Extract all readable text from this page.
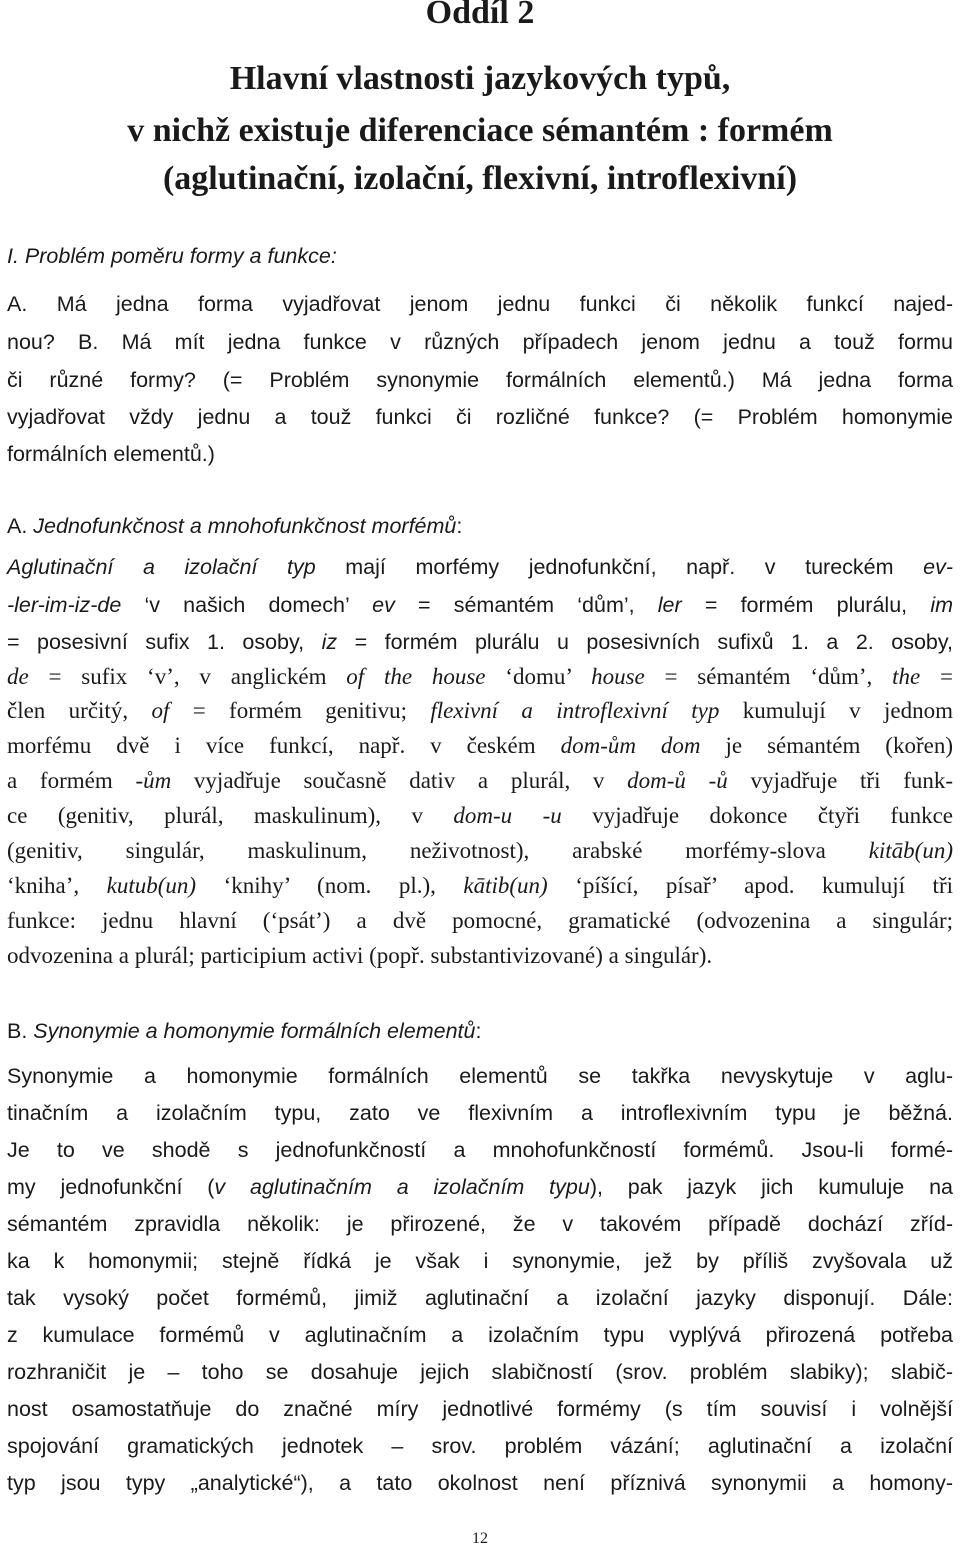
Oddíl 2
Hlavní vlastnosti jazykových typů,
v nichž existuje diferenciace sémantém : formém
(aglutinační, izolační, flexivní, introflexivní)
I. Problém poměru formy a funkce:
A. Má jedna forma vyjadřovat jenom jednu funkci či několik funkcí najed-
nou? B. Má mít jedna funkce v různých případech jenom jednu a touž formu
či různé formy? (= Problém synonymie formálních elementů.) Má jedna forma
vyjadřovat vždy jednu a touž funkci či rozličné funkce? (= Problém homonymie
formálních elementů.)
A. Jednofunkčnost a mnohofunkčnost morfémů:
Aglutinační a izolační typ mají morfémy jednofunkční, např. v tureckém ev-
-ler-im-iz-de ‘v našich domech’ ev = sémantém ‘dům’, ler = formém plurálu, im
= posesivní sufix 1. osoby, iz = formém plurálu u posesivních sufixů 1. a 2. osoby,
de = sufix ‘v’, v anglickém of the house ‘domu’ house = sémantém ‘dům’, the =
člen určitý, of = formém genitivu; flexivní a introflexivní typ kumulují v jednom
morfému dvě i více funkcí, např. v českém dom-ům dom je sémantém (kořen)
a formém -ům vyjadřuje současně dativ a plurál, v dom-ů -ů vyjadřuje tři funk-
ce (genitiv, plurál, maskulinum), v dom-u -u vyjadřuje dokonce čtyři funkce
(genitiv, singulár, maskulinum, neživotnost), arabské morfémy-slova kitāb(un)
‘kniha’, kutub(un) ‘knihy’ (nom. pl.), kātib(un) ‘píšící, písař’ apod. kumulují tři
funkce: jednu hlavní (‘psát’) a dvě pomocné, gramatické (odvozenina a singulár;
odvozenina a plurál; participium activi (popř. substantivizované) a singulár).
B. Synonymie a homonymie formálních elementů:
Synonymie a homonymie formálních elementů se takřka nevyskytuje v aglu-
tinačním a izolačním typu, zato ve flexivním a introflexivním typu je běžná.
Je to ve shodě s jednofunkčností a mnohofunkčností formémů. Jsou-li formé-
my jednofunkční (v aglutinačním a izolačním typu), pak jazyk jich kumuluje na
sémantém zpravidla několik: je přirozené, že v takovém případě dochází zříd-
ka k homonymii; stejně řídká je však i synonymie, jež by příliš zvyšovala už
tak vysoký počet formémů, jimiž aglutinační a izolační jazyky disponují. Dále:
z kumulace formémů v aglutinačním a izolačním typu vyplývá přirozená potřeba
rozhraničit je – toho se dosahuje jejich slabičností (srov. problém slabiky); slabič-
nost osamostatňuje do značné míry jednotlivé formémy (s tím souvisí i volnější
spojování gramatických jednotek – srov. problém vázání; aglutinační a izolační
typ jsou typy „analytické“), a tato okolnost není příznivá synonymii a homony-
12
